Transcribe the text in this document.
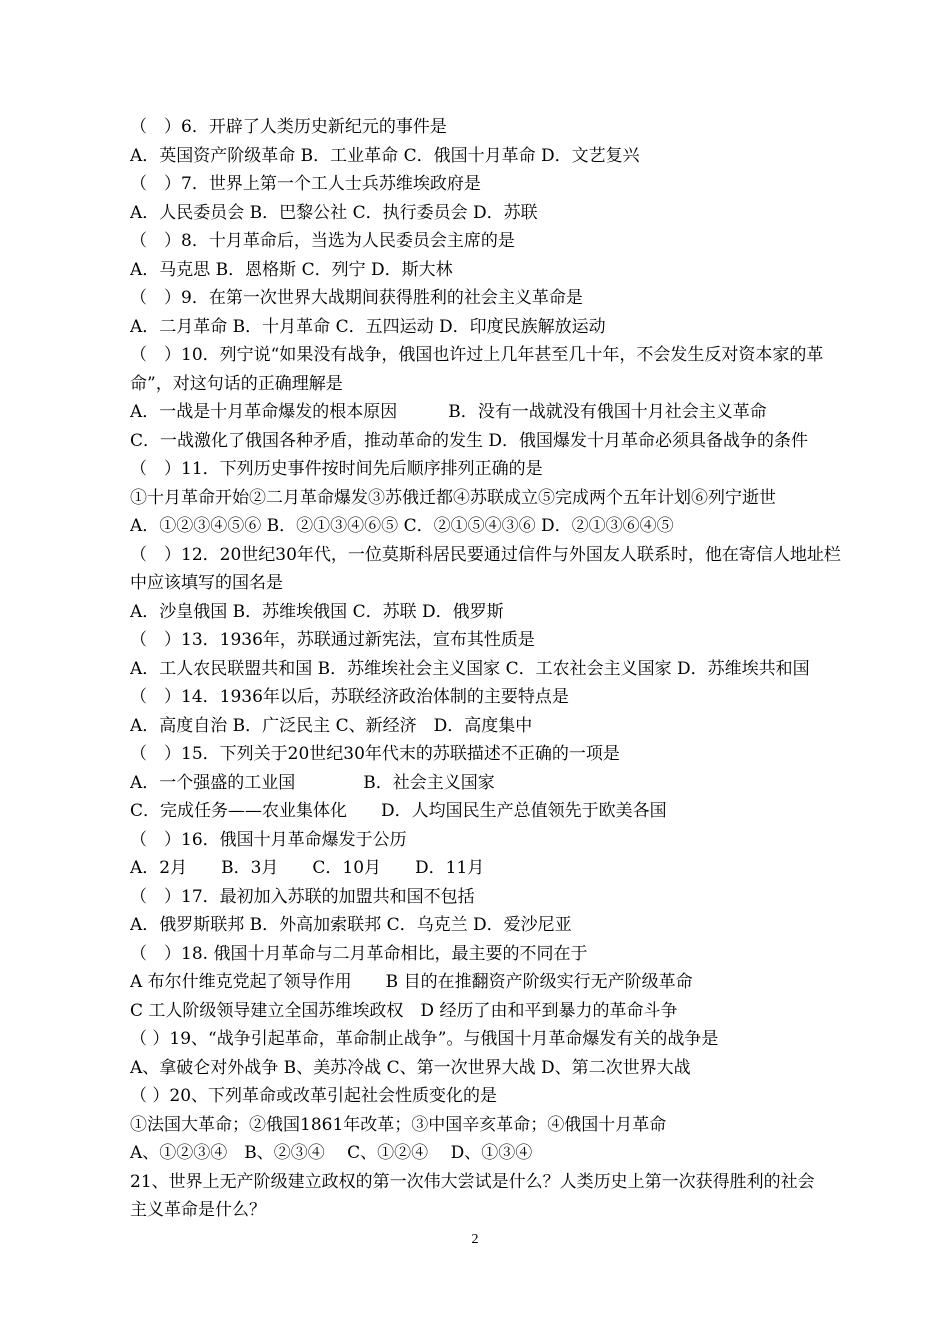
（　）6．开辟了人类历史新纪元的事件是
A．英国资产阶级革命 B．工业革命 C．俄国十月革命 D．文艺复兴
（　）7．世界上第一个工人士兵苏维埃政府是
A．人民委员会 B．巴黎公社 C．执行委员会 D．苏联
（　）8．十月革命后，当选为人民委员会主席的是
A．马克思 B．恩格斯 C．列宁 D．斯大林
（　）9．在第一次世界大战期间获得胜利的社会主义革命是
A．二月革命 B．十月革命 C．五四运动 D．印度民族解放运动
（　）10．列宁说“如果没有战争，俄国也许过上几年甚至几十年，不会发生反对资本家的革
命”，对这句话的正确理解是
A．一战是十月革命爆发的根本原因　　　B．没有一战就没有俄国十月社会主义革命
C．一战激化了俄国各种矛盾，推动革命的发生 D．俄国爆发十月革命必须具备战争的条件
（　）11．下列历史事件按时间先后顺序排列正确的是
①十月革命开始②二月革命爆发③苏俄迁都④苏联成立⑤完成两个五年计划⑥列宁逝世
A．①②③④⑤⑥ B．②①③④⑥⑤ C．②①⑤④③⑥ D．②①③⑥④⑤
（　）12．20世纪30年代，一位莫斯科居民要通过信件与外国友人联系时，他在寄信人地址栏
中应该填写的国名是
A．沙皇俄国 B．苏维埃俄国 C．苏联 D．俄罗斯
（　）13．1936年，苏联通过新宪法，宣布其性质是
A．工人农民联盟共和国 B．苏维埃社会主义国家 C．工农社会主义国家 D．苏维埃共和国
（　）14．1936年以后，苏联经济政治体制的主要特点是
A．高度自治 B．广泛民主 C、新经济　D．高度集中
（　）15．下列关于20世纪30年代末的苏联描述不正确的一项是
A．一个强盛的工业国　　　　B．社会主义国家
C．完成任务——农业集体化　　D．人均国民生产总值领先于欧美各国
（　）16．俄国十月革命爆发于公历
A．2月　　B．3月　　C．10月　　D．11月
（　）17．最初加入苏联的加盟共和国不包括
A．俄罗斯联邦 B．外高加索联邦 C．乌克兰 D．爱沙尼亚
（　）18. 俄国十月革命与二月革命相比，最主要的不同在于
A 布尔什维克党起了领导作用　　B 目的在推翻资产阶级实行无产阶级革命
C 工人阶级领导建立全国苏维埃政权　D 经历了由和平到暴力的革命斗争
（ ）19、“战争引起革命，革命制止战争”。与俄国十月革命爆发有关的战争是
A、拿破仑对外战争 B、美苏冷战 C、第一次世界大战 D、第二次世界大战
（ ）20、下列革命或改革引起社会性质变化的是
①法国大革命；②俄国1861年改革；③中国辛亥革命；④俄国十月革命
A、①②③④　B、②③④　 C、①②④　 D、①③④
21、世界上无产阶级建立政权的第一次伟大尝试是什么？人类历史上第一次获得胜利的社会
主义革命是什么？
2
